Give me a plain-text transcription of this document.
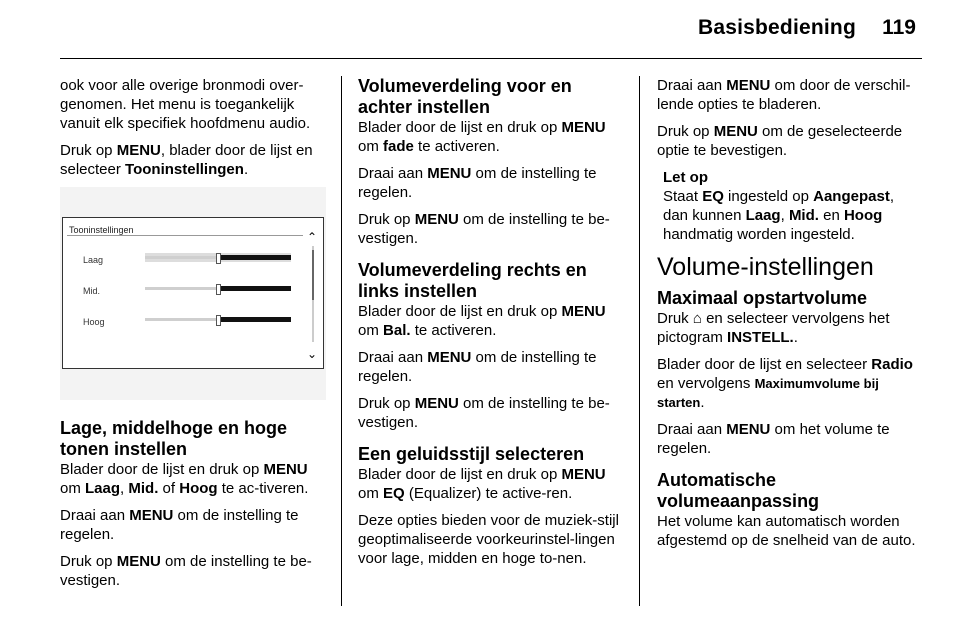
Basisbediening 119

ook voor alle overige bronmodi over-genomen. Het menu is toegankelijk vanuit elk specifiek hoofdmenu audio.

Druk op MENU, blader door de lijst en selecteer Tooninstellingen.

Tooninstellingen	⌃
⌄
Laag
Mid.
Hoog
Lage, middelhoge en hoge tonen instellen

Blader door de lijst en druk op MENU om Laag, Mid. of Hoog te ac-tiveren.

Draai aan MENU om de instelling te regelen.

Druk op MENU om de instelling te be-vestigen.

Volumeverdeling voor en achter instellen

Blader door de lijst en druk op MENU om fade te activeren.

Draai aan MENU om de instelling te regelen.

Druk op MENU om de instelling te be-vestigen.

Volumeverdeling rechts en links instellen

Blader door de lijst en druk op MENU om Bal. te activeren.

Draai aan MENU om de instelling te regelen.

Druk op MENU om de instelling te be-vestigen.

Een geluidsstijl selecteren

Blader door de lijst en druk op MENU om EQ (Equalizer) te active-ren.

Deze opties bieden voor de muziek-stijl geoptimaliseerde voorkeurinstel-lingen voor lage, midden en hoge to-nen.

Draai aan MENU om door de verschil-lende opties te bladeren.

Druk op MENU om de geselecteerde optie te bevestigen.

Let op

Staat EQ ingesteld op Aangepast, dan kunnen Laag, Mid. en Hoog handmatig worden ingesteld.

Volume-instellingen
Maximaal opstartvolume

Druk ⌂ en selecteer vervolgens het pictogram INSTELL..

Blader door de lijst en selecteer Radio en vervolgens Maximumvolume bij starten.

Draai aan MENU om het volume te regelen.

Automatische volumeaanpassing

Het volume kan automatisch worden afgestemd op de snelheid van de auto.
